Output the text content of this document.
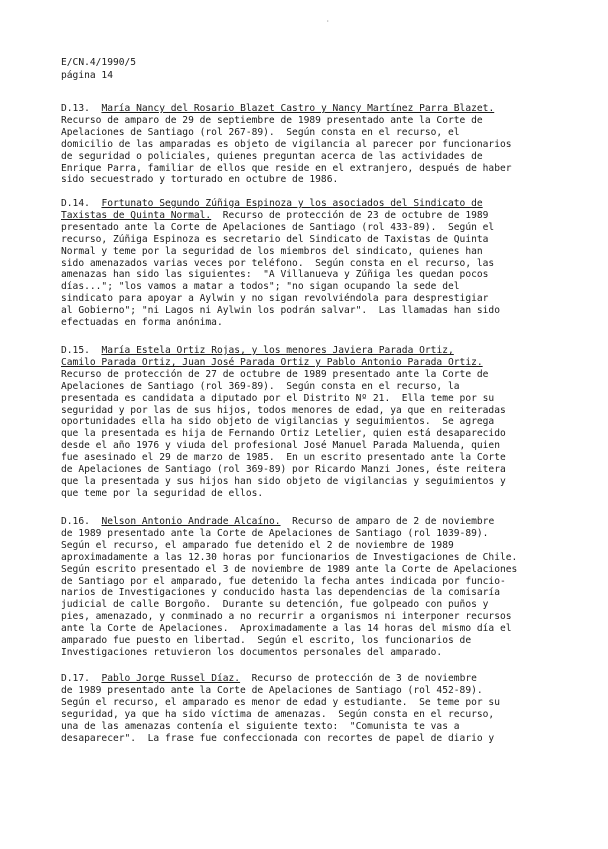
·
E/CN.4/1990/5
página 14
D.13. María Nancy del Rosario Blazet Castro y Nancy Martínez Parra Blazet.
Recurso de amparo de 29 de septiembre de 1989 presentado ante la Corte de
Apelaciones de Santiago (rol 267-89).  Según consta en el recurso, el
domicilio de las amparadas es objeto de vigilancia al parecer por funcionarios
de seguridad o policiales, quienes preguntan acerca de las actividades de
Enrique Parra, familiar de ellos que reside en el extranjero, después de haber
sido secuestrado y torturado en octubre de 1986.
D.14. Fortunato Segundo Zúñiga Espinoza y los asociados del Sindicato de
Taxistas de Quinta Normal.  Recurso de protección de 23 de octubre de 1989
presentado ante la Corte de Apelaciones de Santiago (rol 433-89).  Según el
recurso, Zúñiga Espinoza es secretario del Sindicato de Taxistas de Quinta
Normal y teme por la seguridad de los miembros del sindicato, quienes han
sido amenazados varias veces por teléfono.  Según consta en el recurso, las
amenazas han sido las siguientes:  "A Villanueva y Zúñiga les quedan pocos
días..."; "los vamos a matar a todos"; "no sigan ocupando la sede del
sindicato para apoyar a Aylwin y no sigan revolviéndola para desprestigiar
al Gobierno"; "ni Lagos ni Aylwin los podrán salvar".  Las llamadas han sido
efectuadas en forma anónima.
D.15. María Estela Ortiz Rojas, y los menores Javiera Parada Ortiz,
Camilo Parada Ortiz, Juan José Parada Ortiz y Pablo Antonio Parada Ortiz.
Recurso de protección de 27 de octubre de 1989 presentado ante la Corte de
Apelaciones de Santiago (rol 369-89).  Según consta en el recurso, la
presentada es candidata a diputado por el Distrito Nº 21.  Ella teme por su
seguridad y por las de sus hijos, todos menores de edad, ya que en reiteradas
oportunidades ella ha sido objeto de vigilancias y seguimientos.  Se agrega
que la presentada es hija de Fernando Ortiz Letelier, quien está desaparecido
desde el año 1976 y viuda del profesional José Manuel Parada Maluenda, quien
fue asesinado el 29 de marzo de 1985.  En un escrito presentado ante la Corte
de Apelaciones de Santiago (rol 369-89) por Ricardo Manzi Jones, éste reitera
que la presentada y sus hijos han sido objeto de vigilancias y seguimientos y
que teme por la seguridad de ellos.
D.16. Nelson Antonio Andrade Alcaíno.  Recurso de amparo de 2 de noviembre
de 1989 presentado ante la Corte de Apelaciones de Santiago (rol 1039-89).
Según el recurso, el amparado fue detenido el 2 de noviembre de 1989
aproximadamente a las 12.30 horas por funcionarios de Investigaciones de Chile.
Según escrito presentado el 3 de noviembre de 1989 ante la Corte de Apelaciones
de Santiago por el amparado, fue detenido la fecha antes indicada por funcio-
narios de Investigaciones y conducido hasta las dependencias de la comisaría
judicial de calle Borgoño.  Durante su detención, fue golpeado con puños y
pies, amenazado, y conminado a no recurrir a organismos ni interponer recursos
ante la Corte de Apelaciones.  Aproximadamente a las 14 horas del mismo día el
amparado fue puesto en libertad.  Según el escrito, los funcionarios de
Investigaciones retuvieron los documentos personales del amparado.
D.17. Pablo Jorge Russel Díaz.  Recurso de protección de 3 de noviembre
de 1989 presentado ante la Corte de Apelaciones de Santiago (rol 452-89).
Según el recurso, el amparado es menor de edad y estudiante.  Se teme por su
seguridad, ya que ha sido víctima de amenazas.  Según consta en el recurso,
una de las amenazas contenía el siguiente texto:  "Comunista te vas a
desaparecer".  La frase fue confeccionada con recortes de papel de diario y
